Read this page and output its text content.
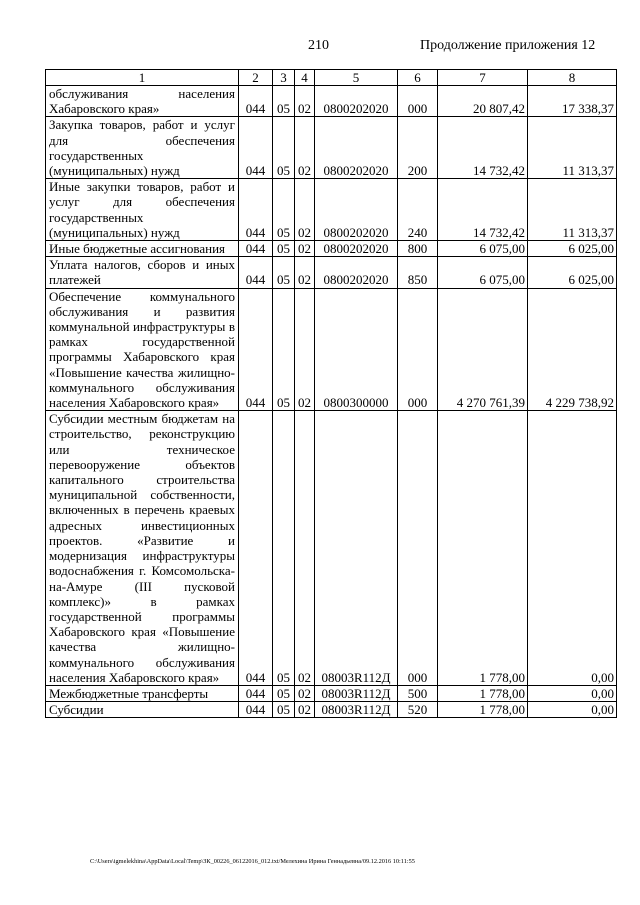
210	Продолжение приложения 12
1	2	3	4	5	6	7	8
обслуживания населения Хабаровского края»	044	05	02	0800202020	000	20 807,42	17 338,37
Закупка товаров, работ и услуг для обеспечения государственных (муниципальных) нужд	044	05	02	0800202020	200	14 732,42	11 313,37
Иные закупки товаров, работ и услуг для обеспечения государственных (муниципальных) нужд	044	05	02	0800202020	240	14 732,42	11 313,37
Иные бюджетные ассигнования	044	05	02	0800202020	800	6 075,00	6 025,00
Уплата налогов, сборов и иных платежей	044	05	02	0800202020	850	6 075,00	6 025,00
Обеспечение коммунального обслуживания и развития коммунальной инфраструктуры в рамках государственной программы Хабаровского края «Повышение качества жилищно-коммунального обслуживания населения Хабаровского края»	044	05	02	0800300000	000	4 270 761,39	4 229 738,92
Субсидии местным бюджетам на строительство, реконструкцию или техническое перевооружение объектов капитального строительства муниципальной собственности, включенных в перечень краевых адресных инвестиционных проектов. «Развитие и модернизация инфраструктуры водоснабжения г. Комсомольска-на-Амуре (III пусковой комплекс)» в рамках государственной программы Хабаровского края «Повышение качества жилищно-коммунального обслуживания населения Хабаровского края»	044	05	02	08003R112Д	000	1 778,00	0,00
Межбюджетные трансферты	044	05	02	08003R112Д	500	1 778,00	0,00
Субсидии	044	05	02	08003R112Д	520	1 778,00	0,00
C:\Users\igmelekhina\AppData\Local\Temp\ЗК_00226_06122016_012.txt/Мелехина Ирина Геннадьевна/09.12.2016 10:11:55
